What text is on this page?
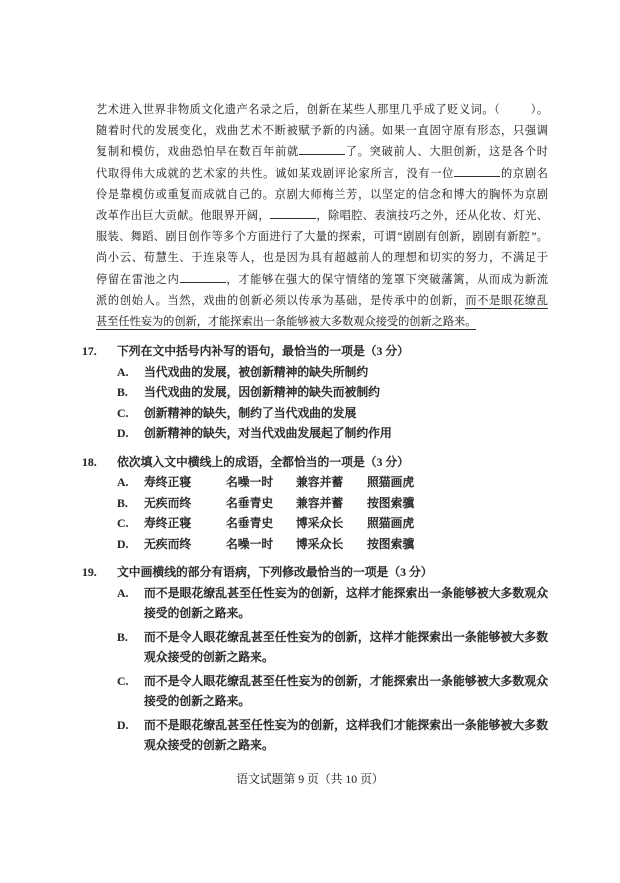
艺术进入世界非物质文化遗产名录之后，创新在某些人那里几乎成了贬义词。（	）。
随着时代的发展变化，戏曲艺术不断被赋予新的内涵。如果一直固守原有形态，只强调
复制和模仿，戏曲恐怕早在数百年前就	了。突破前人、大胆创新，这是各个时
代取得伟大成就的艺术家的共性。诚如某戏剧评论家所言，没有一位	的京剧名
伶是靠模仿或重复而成就自己的。京剧大师梅兰芳，以坚定的信念和博大的胸怀为京剧
改革作出巨大贡献。他眼界开阔，	，除唱腔、表演技巧之外，还从化妆、灯光、
服装、舞蹈、剧目创作等多个方面进行了大量的探索，可谓“剧剧有创新，剧剧有新腔”。
尚小云、荀慧生、于连泉等人，也是因为具有超越前人的理想和切实的努力，不满足于
停留在雷池之内	，才能够在强大的保守情绪的笼罩下突破藩篱，从而成为新流
派的创始人。当然，戏曲的创新必须以传承为基础，是传承中的创新，而不是眼花缭乱
甚至任性妄为的创新，才能探索出一条能够被大多数观众接受的创新之路来。
17.	下列在文中括号内补写的语句，最恰当的一项是（3 分）
A.	当代戏曲的发展，被创新精神的缺失所制约
B.	当代戏曲的发展，因创新精神的缺失而被制约
C.	创新精神的缺失，制约了当代戏曲的发展
D.	创新精神的缺失，对当代戏曲发展起了制约作用
18.	依次填入文中横线上的成语，全都恰当的一项是（3 分）
A.	寿终正寝	名噪一时	兼容并蓄	照猫画虎
B.	无疾而终	名垂青史	兼容并蓄	按图索骥
C.	寿终正寝	名垂青史	博采众长	照猫画虎
D.	无疾而终	名噪一时	博采众长	按图索骥
19.	文中画横线的部分有语病，下列修改最恰当的一项是（3 分）
A.	而不是眼花缭乱甚至任性妄为的创新，这样才能探索出一条能够被大多数观众接受的创新之路来。
B.	而不是令人眼花缭乱甚至任性妄为的创新，这样才能探索出一条能够被大多数观众接受的创新之路来。
C.	而不是令人眼花缭乱甚至任性妄为的创新，才能探索出一条能够被大多数观众接受的创新之路来。
D.	而不是眼花缭乱甚至任性妄为的创新，这样我们才能探索出一条能够被大多数观众接受的创新之路来。
语文试题第 9 页（共 10 页）
